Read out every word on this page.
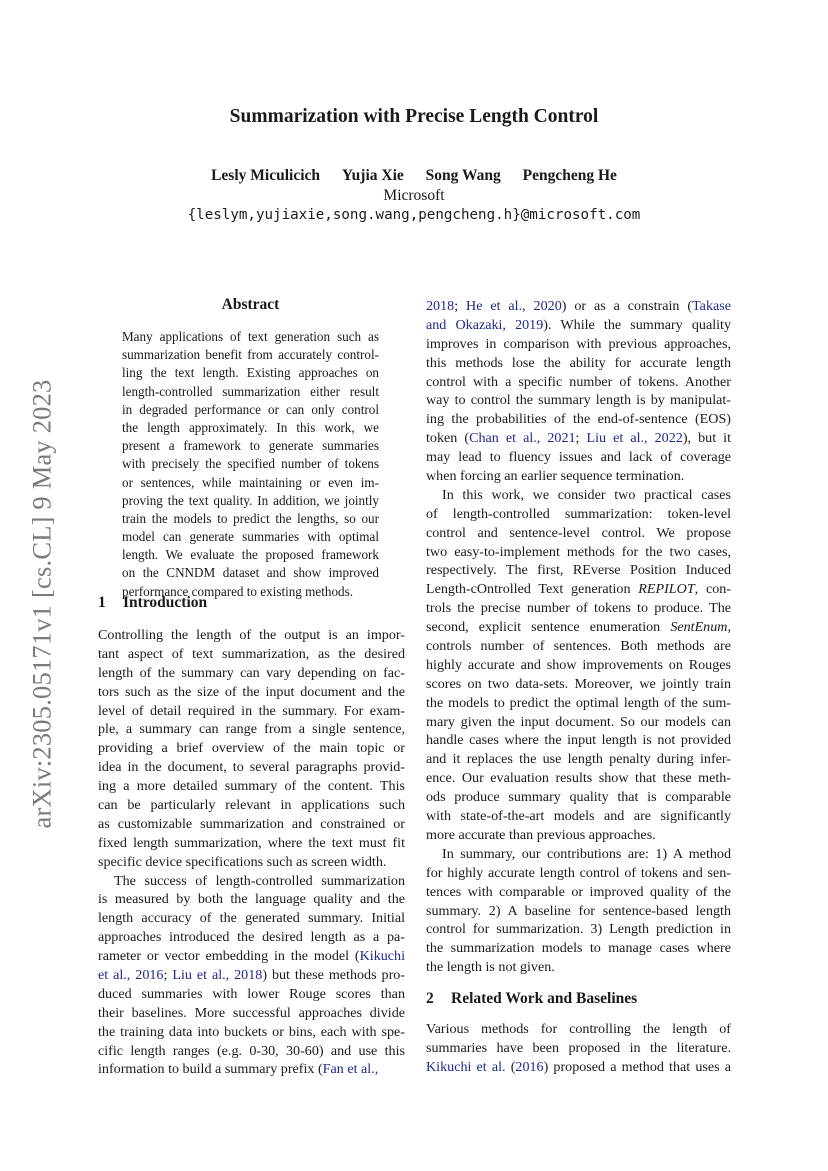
Summarization with Precise Length Control
Lesly Miculicich Yujia Xie Song Wang Pengcheng He
Microsoft
{leslym,yujiaxie,song.wang,pengcheng.h}@microsoft.com
arXiv:2305.05171v1 [cs.CL] 9 May 2023
Abstract
Many applications of text generation such as
summarization benefit from accurately control-
ling the text length. Existing approaches on
length-controlled summarization either result
in degraded performance or can only control
the length approximately. In this work, we
present a framework to generate summaries
with precisely the specified number of tokens
or sentences, while maintaining or even im-
proving the text quality. In addition, we jointly
train the models to predict the lengths, so our
model can generate summaries with optimal
length. We evaluate the proposed framework
on the CNNDM dataset and show improved
performance compared to existing methods.
1 Introduction
Controlling the length of the output is an impor-
tant aspect of text summarization, as the desired
length of the summary can vary depending on fac-
tors such as the size of the input document and the
level of detail required in the summary. For exam-
ple, a summary can range from a single sentence,
providing a brief overview of the main topic or
idea in the document, to several paragraphs provid-
ing a more detailed summary of the content. This
can be particularly relevant in applications such
as customizable summarization and constrained or
fixed length summarization, where the text must fit
specific device specifications such as screen width.
The success of length-controlled summarization
is measured by both the language quality and the
length accuracy of the generated summary. Initial
approaches introduced the desired length as a pa-
rameter or vector embedding in the model (Kikuchi
et al., 2016; Liu et al., 2018) but these methods pro-
duced summaries with lower Rouge scores than
their baselines. More successful approaches divide
the training data into buckets or bins, each with spe-
cific length ranges (e.g. 0-30, 30-60) and use this
information to build a summary prefix (Fan et al.,
2018; He et al., 2020) or as a constrain (Takase
and Okazaki, 2019). While the summary quality
improves in comparison with previous approaches,
this methods lose the ability for accurate length
control with a specific number of tokens. Another
way to control the summary length is by manipulat-
ing the probabilities of the end-of-sentence (EOS)
token (Chan et al., 2021; Liu et al., 2022), but it
may lead to fluency issues and lack of coverage
when forcing an earlier sequence termination.
In this work, we consider two practical cases
of length-controlled summarization: token-level
control and sentence-level control. We propose
two easy-to-implement methods for the two cases,
respectively. The first, REverse Position Induced
Length-cOntrolled Text generation REPILOT, con-
trols the precise number of tokens to produce. The
second, explicit sentence enumeration SentEnum,
controls number of sentences. Both methods are
highly accurate and show improvements on Rouges
scores on two data-sets. Moreover, we jointly train
the models to predict the optimal length of the sum-
mary given the input document. So our models can
handle cases where the input length is not provided
and it replaces the use length penalty during infer-
ence. Our evaluation results show that these meth-
ods produce summary quality that is comparable
with state-of-the-art models and are significantly
more accurate than previous approaches.
In summary, our contributions are: 1) A method
for highly accurate length control of tokens and sen-
tences with comparable or improved quality of the
summary. 2) A baseline for sentence-based length
control for summarization. 3) Length prediction in
the summarization models to manage cases where
the length is not given.
2 Related Work and Baselines
Various methods for controlling the length of
summaries have been proposed in the literature.
Kikuchi et al. (2016) proposed a method that uses a
